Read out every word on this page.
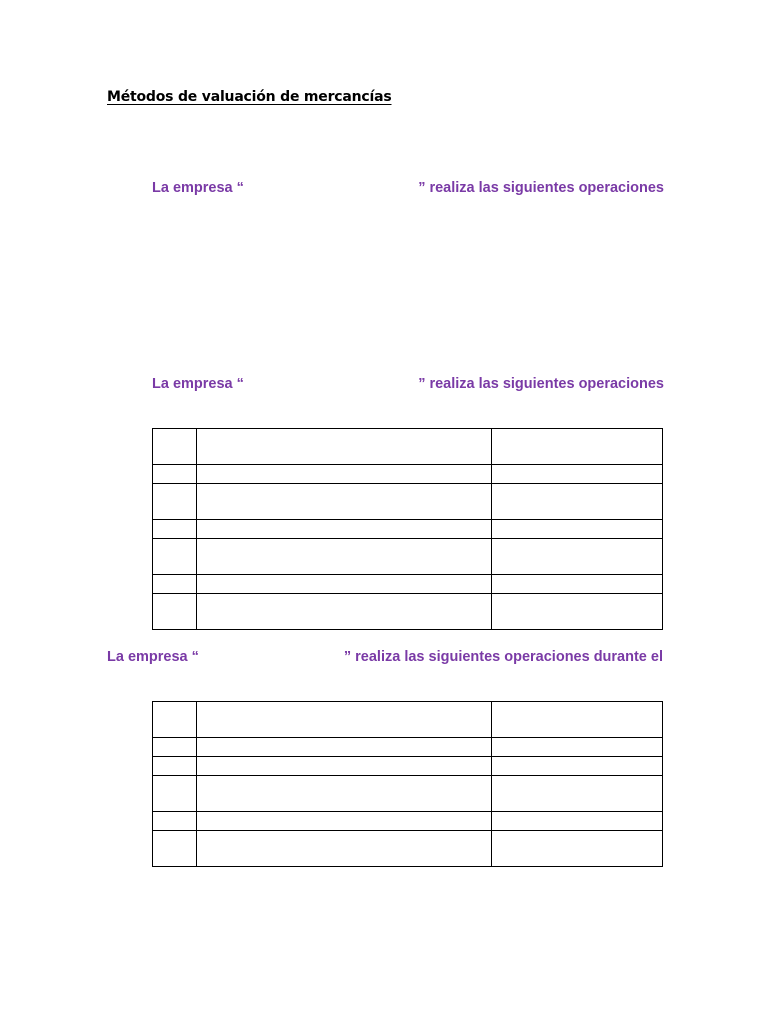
Métodos de valuación de mercancías
La empresa “	” realiza las siguientes operaciones
La empresa “	” realiza las siguientes operaciones

La empresa “	” realiza las siguientes operaciones durante el
